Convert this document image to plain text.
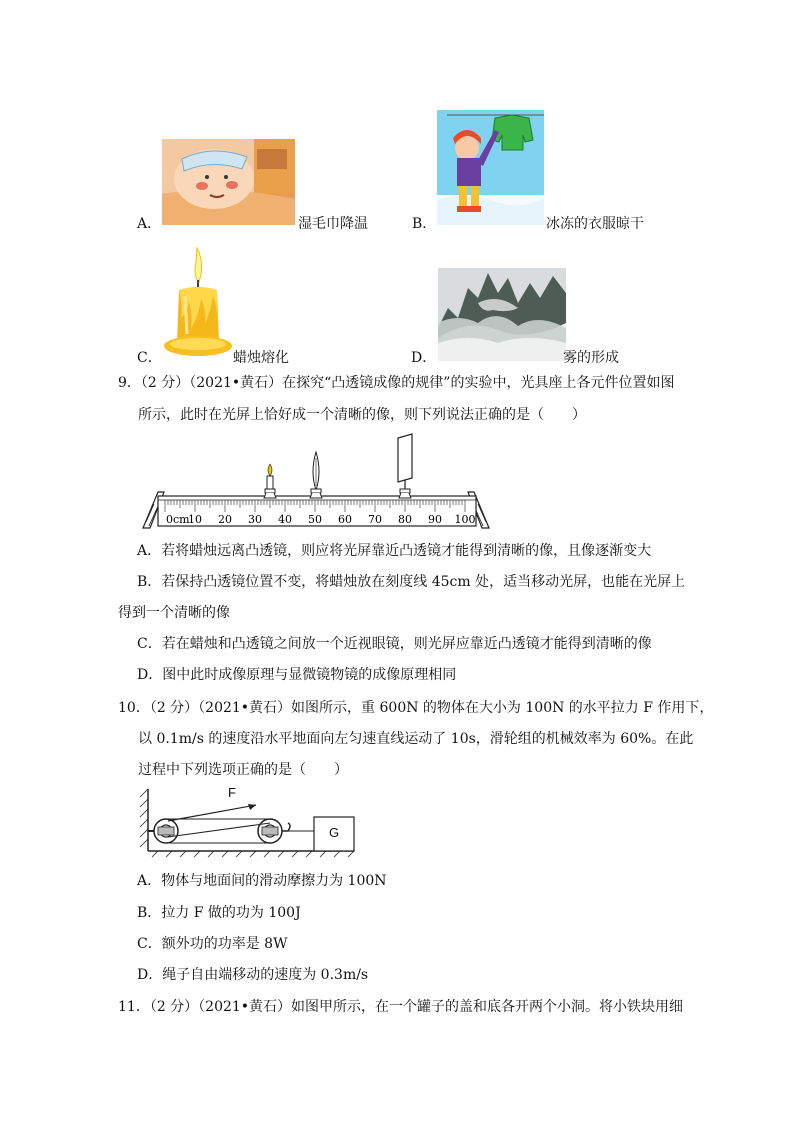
A．	湿毛巾降温	B．	冰冻的衣服晾干
C．	蜡烛熔化	D．	雾的形成
9．（2 分）（2021•黄石）在探究“凸透镜成像的规律”的实验中，光具座上各元件位置如图
所示，此时在光屏上恰好成一个清晰的像，则下列说法正确的是（　　）
0cm
10 20 30 40 50 60 70 80 90 100
A．若将蜡烛远离凸透镜，则应将光屏靠近凸透镜才能得到清晰的像，且像逐渐变大
B．若保持凸透镜位置不变，将蜡烛放在刻度线 45cm 处，适当移动光屏，也能在光屏上
得到一个清晰的像
C．若在蜡烛和凸透镜之间放一个近视眼镜，则光屏应靠近凸透镜才能得到清晰的像
D．图中此时成像原理与显微镜物镜的成像原理相同
10．（2 分）（2021•黄石）如图所示，重 600N 的物体在大小为 100N 的水平拉力 F 作用下，
以 0.1m/s 的速度沿水平地面向左匀速直线运动了 10s，滑轮组的机械效率为 60%。在此
过程中下列选项正确的是（　　）
F
G
A．物体与地面间的滑动摩擦力为 100N
B．拉力 F 做的功为 100J
C．额外功的功率是 8W
D．绳子自由端移动的速度为 0.3m/s
11．（2 分）（2021•黄石）如图甲所示，在一个罐子的盖和底各开两个小洞。将小铁块用细
